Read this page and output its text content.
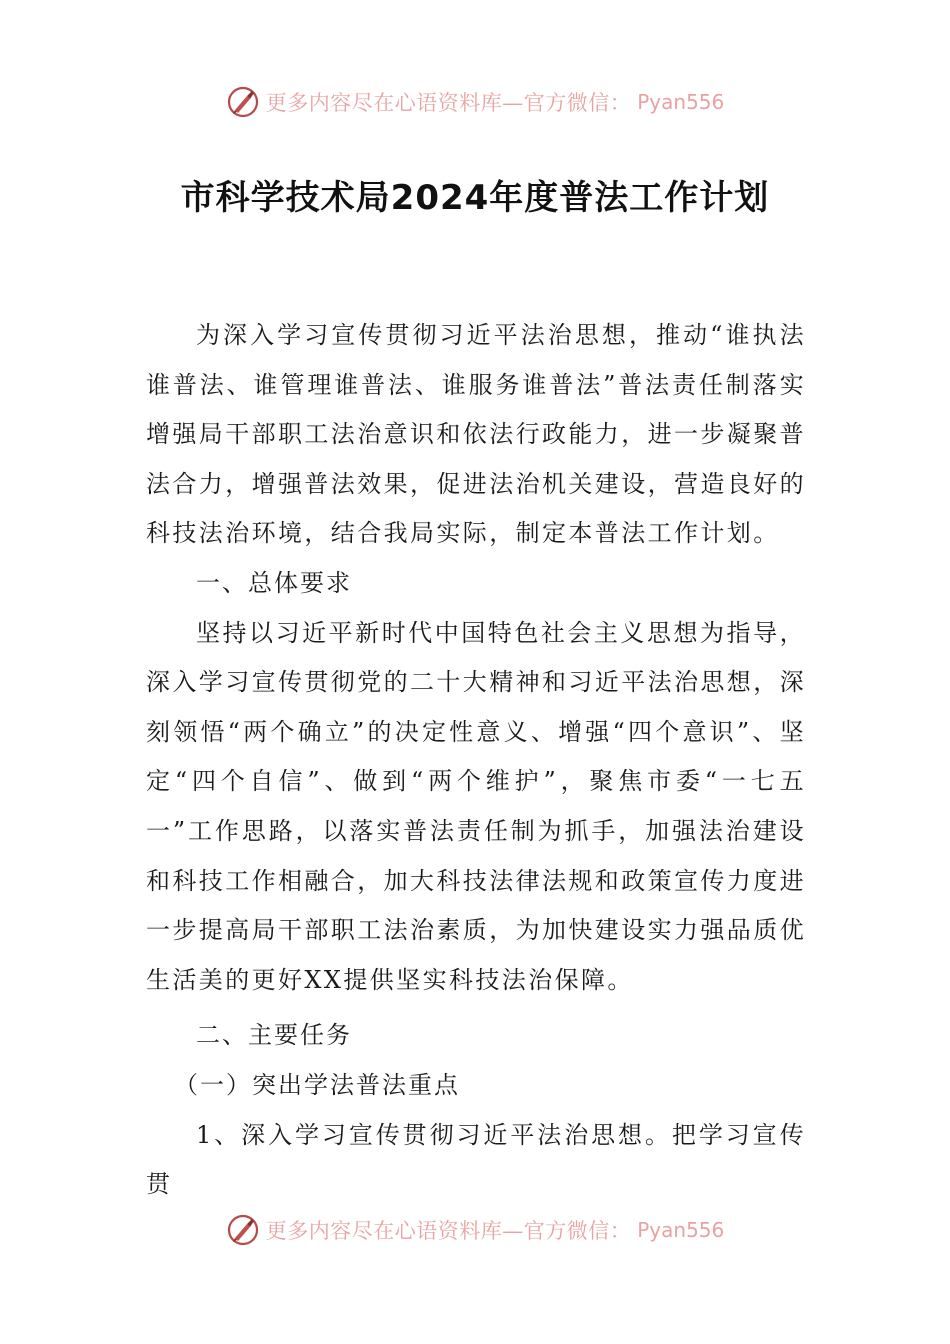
更多内容尽在心语资料库—官方微信： Pyan556
市科学技术局2024年度普法工作计划

为深入学习宣传贯彻习近平法治思想，推动“谁执法谁普法、谁管理谁普法、谁服务谁普法”普法责任制落实增强局干部职工法治意识和依法行政能力，进一步凝聚普法合力，增强普法效果，促进法治机关建设，营造良好的科技法治环境，结合我局实际，制定本普法工作计划。

一、总体要求

坚持以习近平新时代中国特色社会主义思想为指导，深入学习宣传贯彻党的二十大精神和习近平法治思想，深刻领悟“两个确立”的决定性意义、增强“四个意识”、坚定“四个自信”、做到“两个维护”，聚焦市委“一七五一”工作思路，以落实普法责任制为抓手，加强法治建设和科技工作相融合，加大科技法律法规和政策宣传力度进一步提高局干部职工法治素质，为加快建设实力强品质优生活美的更好XX提供坚实科技法治保障。

二、主要任务

（一）突出学法普法重点

1、深入学习宣传贯彻习近平法治思想。把学习宣传贯

更多内容尽在心语资料库—官方微信： Pyan556
